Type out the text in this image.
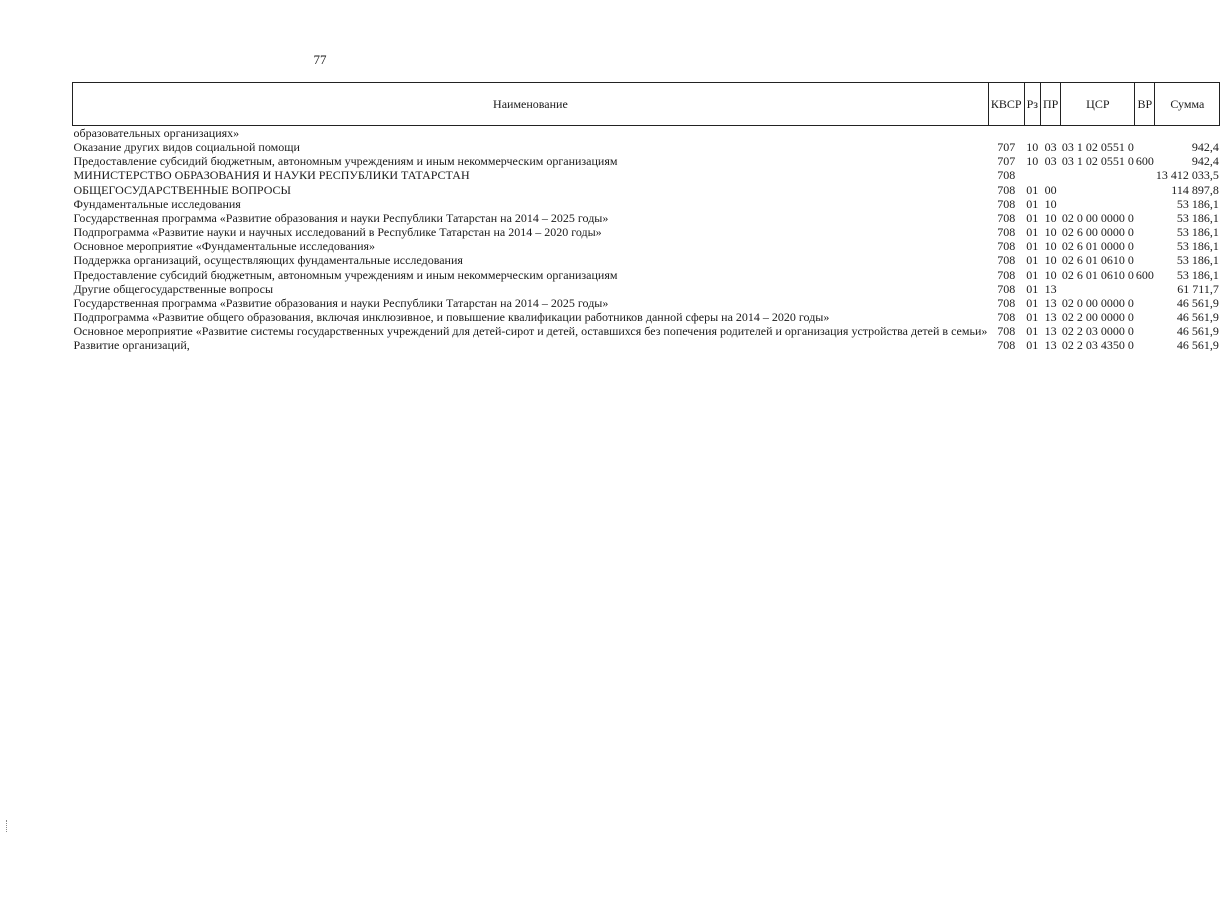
77
Наименование	КВСР	Рз	ПР	ЦСР	ВР	Сумма
образовательных организациях»						
Оказание других видов социальной помощи	707	10	03	03 1 02 0551 0		942,4
Предоставление субсидий бюджетным, автономным учреждениям и иным некоммерческим организациям	707	10	03	03 1 02 0551 0	600	942,4
МИНИСТЕРСТВО ОБРАЗОВАНИЯ И НАУКИ РЕСПУБЛИКИ ТАТАРСТАН	708					13 412 033,5
ОБЩЕГОСУДАРСТВЕННЫЕ ВОПРОСЫ	708	01	00			114 897,8
Фундаментальные исследования	708	01	10			53 186,1
Государственная программа «Развитие образования и науки Республики Татарстан на 2014 – 2025 годы»	708	01	10	02 0 00 0000 0		53 186,1
Подпрограмма «Развитие науки и научных исследований в Республике Татарстан на 2014 – 2020 годы»	708	01	10	02 6 00 0000 0		53 186,1
Основное мероприятие «Фундаментальные исследования»	708	01	10	02 6 01 0000 0		53 186,1
Поддержка организаций, осуществляющих фундаментальные исследования	708	01	10	02 6 01 0610 0		53 186,1
Предоставление субсидий бюджетным, автономным учреждениям и иным некоммерческим организациям	708	01	10	02 6 01 0610 0	600	53 186,1
Другие общегосударственные вопросы	708	01	13			61 711,7
Государственная программа «Развитие образования и науки Республики Татарстан на 2014 – 2025 годы»	708	01	13	02 0 00 0000 0		46 561,9
Подпрограмма «Развитие общего образования, включая инклюзивное, и повышение квалификации работников данной сферы на 2014 – 2020 годы»	708	01	13	02 2 00 0000 0		46 561,9
Основное мероприятие «Развитие системы государственных учреждений для детей-сирот и детей, оставшихся без попечения родителей и организация устройства детей в семьи»	708	01	13	02 2 03 0000 0		46 561,9
Развитие организаций,	708	01	13	02 2 03 4350 0		46 561,9
